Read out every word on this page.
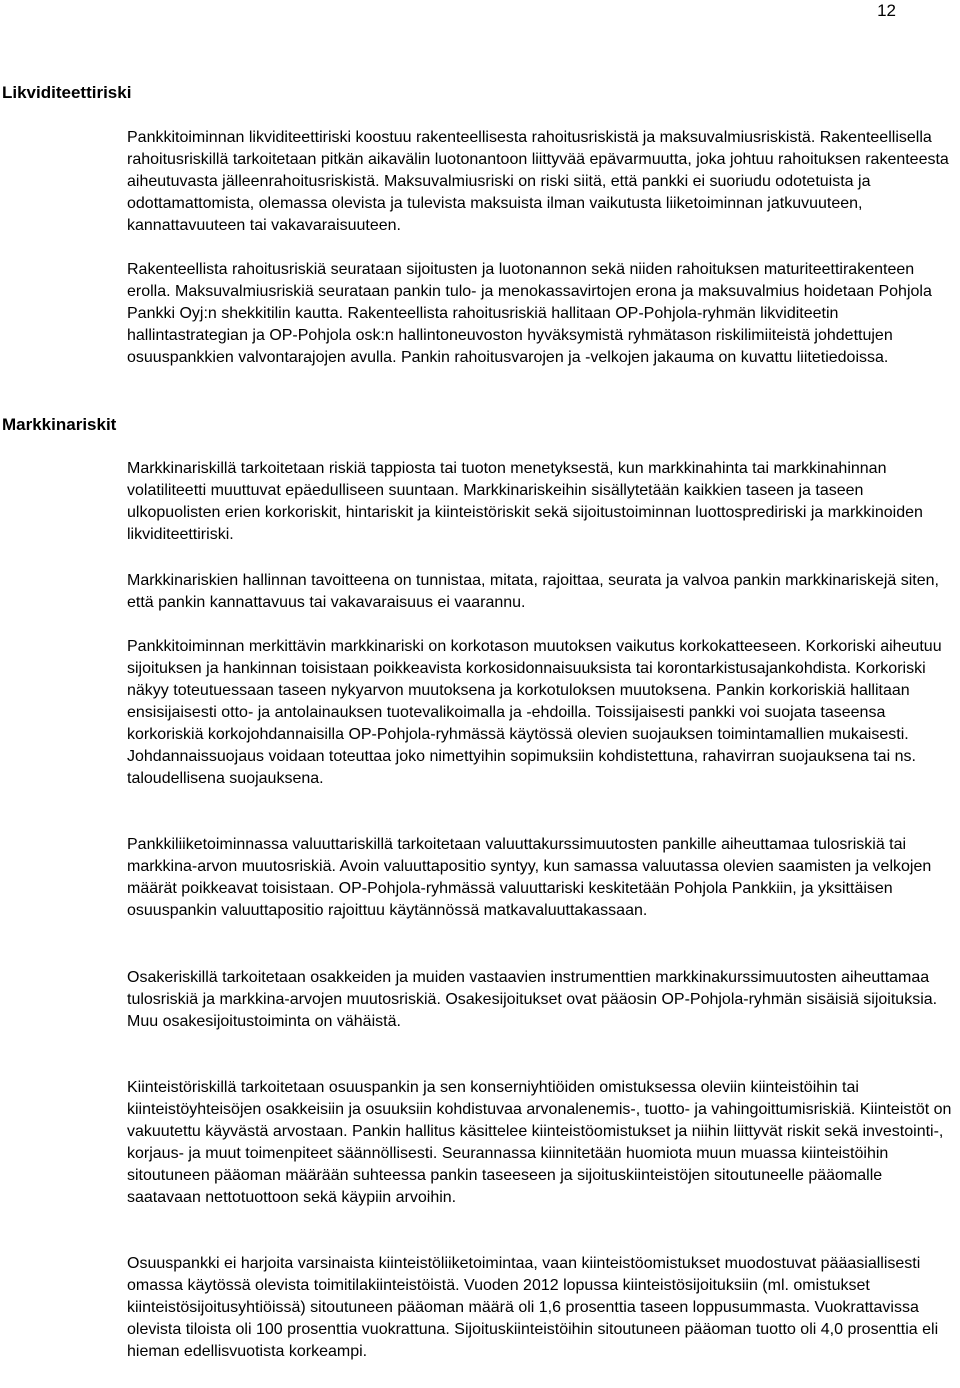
12
Likviditeettiriski

Pankkitoiminnan likviditeettiriski koostuu rakenteellisesta rahoitusriskistä ja maksuvalmiusriskistä. Rakenteellisella rahoitusriskillä tarkoitetaan pitkän aikavälin luotonantoon liittyvää epävarmuutta, joka johtuu rahoituksen rakenteesta aiheutuvasta jälleenrahoitusriskistä. Maksuvalmiusriski on riski siitä, että pankki ei suoriudu odotetuista ja odottamattomista, olemassa olevista ja tulevista maksuista ilman vaikutusta liiketoiminnan jatkuvuuteen, kannattavuuteen tai vakavaraisuuteen.

Rakenteellista rahoitusriskiä seurataan sijoitusten ja luotonannon sekä niiden rahoituksen maturiteettirakenteen erolla. Maksuvalmiusriskiä seurataan pankin tulo- ja menokassavirtojen erona ja maksuvalmius hoidetaan Pohjola Pankki Oyj:n shekkitilin kautta. Rakenteellista rahoitusriskiä hallitaan OP-Pohjola-ryhmän likviditeetin hallintastrategian ja OP-Pohjola osk:n hallintoneuvoston hyväksymistä ryhmätason riskilimiiteistä johdettujen osuuspankkien valvontarajojen avulla. Pankin rahoitusvarojen ja -velkojen jakauma on kuvattu liitetiedoissa.

Markkinariskit

Markkinariskillä tarkoitetaan riskiä tappiosta tai tuoton menetyksestä, kun markkinahinta tai markkinahinnan volatiliteetti muuttuvat epäedulliseen suuntaan. Markkinariskeihin sisällytetään kaikkien taseen ja taseen ulkopuolisten erien korkoriskit, hintariskit ja kiinteistöriskit sekä sijoitustoiminnan luottosprediriski ja markkinoiden likviditeettiriski.

Markkinariskien hallinnan tavoitteena on tunnistaa, mitata, rajoittaa, seurata ja valvoa pankin markkinariskejä siten, että pankin kannattavuus tai vakavaraisuus ei vaarannu.

Pankkitoiminnan merkittävin markkinariski on korkotason muutoksen vaikutus korkokatteeseen. Korkoriski aiheutuu sijoituksen ja hankinnan toisistaan poikkeavista korkosidonnaisuuksista tai korontarkistusajankohdista. Korkoriski näkyy toteutuessaan taseen nykyarvon muutoksena ja korkotuloksen muutoksena. Pankin korkoriskiä hallitaan ensisijaisesti otto- ja antolainauksen tuotevalikoimalla ja -ehdoilla. Toissijaisesti pankki voi suojata taseensa korkoriskiä korkojohdannaisilla OP-Pohjola-ryhmässä käytössä olevien suojauksen toimintamallien mukaisesti. Johdannaissuojaus voidaan toteuttaa joko nimettyihin sopimuksiin kohdistettuna, rahavirran suojauksena tai ns. taloudellisena suojauksena.

Pankkiliiketoiminnassa valuuttariskillä tarkoitetaan valuuttakurssimuutosten pankille aiheuttamaa tulosriskiä tai markkina-arvon muutosriskiä. Avoin valuuttapositio syntyy, kun samassa valuutassa olevien saamisten ja velkojen määrät poikkeavat toisistaan. OP-Pohjola-ryhmässä valuuttariski keskitetään Pohjola Pankkiin, ja yksittäisen osuuspankin valuuttapositio rajoittuu käytännössä matkavaluuttakassaan.

Osakeriskillä tarkoitetaan osakkeiden ja muiden vastaavien instrumenttien markkinakurssimuutosten aiheuttamaa tulosriskiä ja markkina-arvojen muutosriskiä. Osakesijoitukset ovat pääosin OP-Pohjola-ryhmän sisäisiä sijoituksia. Muu osakesijoitustoiminta on vähäistä.

Kiinteistöriskillä tarkoitetaan osuuspankin ja sen konserniyhtiöiden omistuksessa oleviin kiinteistöihin tai kiinteistöyhteisöjen osakkeisiin ja osuuksiin kohdistuvaa arvonalenemis-, tuotto- ja vahingoittumisriskiä. Kiinteistöt on vakuutettu käyvästä arvostaan. Pankin hallitus käsittelee kiinteistöomistukset ja niihin liittyvät riskit sekä investointi-, korjaus- ja muut toimenpiteet säännöllisesti. Seurannassa kiinnitetään huomiota muun muassa kiinteistöihin sitoutuneen pääoman määrään suhteessa pankin taseeseen ja sijoituskiinteistöjen sitoutuneelle pääomalle saatavaan nettotuottoon sekä käypiin arvoihin.

Osuuspankki ei harjoita varsinaista kiinteistöliiketoimintaa, vaan kiinteistöomistukset muodostuvat pääasiallisesti omassa käytössä olevista toimitilakiinteistöistä. Vuoden 2012 lopussa kiinteistösijoituksiin (ml. omistukset kiinteistösijoitusyhtiöissä) sitoutuneen pääoman määrä oli 1,6 prosenttia taseen loppusummasta. Vuokrattavissa olevista tiloista oli 100 prosenttia vuokrattuna. Sijoituskiinteistöihin sitoutuneen pääoman tuotto oli 4,0 prosenttia eli hieman edellisvuotista korkeampi.
